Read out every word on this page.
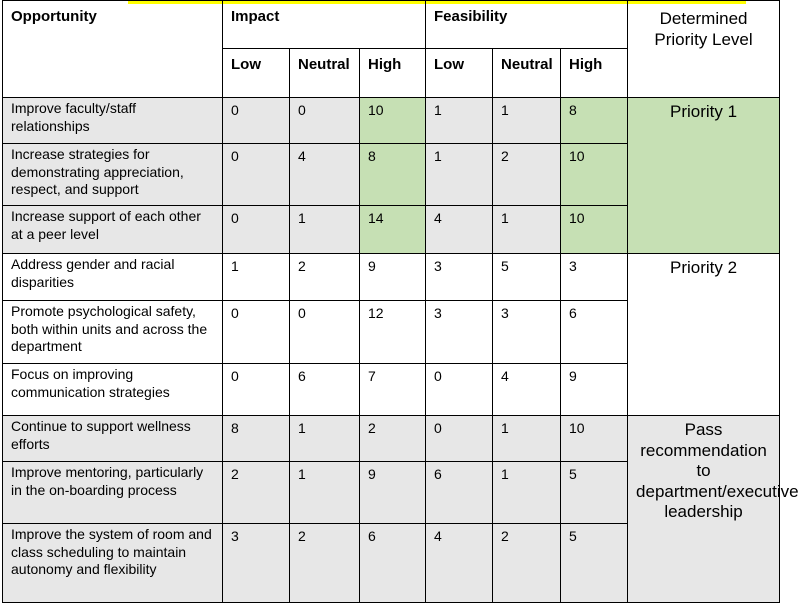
Opportunity	Impact			Feasibility			Determined Priority Level
	Low	Neutral	High	Low	Neutral	High	
Improve faculty/staff relationships	0	0	10	1	1	8	Priority 1
Increase strategies for demonstrating appreciation, respect, and support	0	4	8	1	2	10	
Increase support of each other at a peer level	0	1	14	4	1	10	
Address gender and racial disparities	1	2	9	3	5	3	Priority 2
Promote psychological safety, both within units and across the department	0	0	12	3	3	6	
Focus on improving communication strategies	0	6	7	0	4	9	
Continue to support wellness efforts	8	1	2	0	1	10	Pass recommendation to department/executive leadership
Improve mentoring, particularly in the on-boarding process	2	1	9	6	1	5	
Improve the system of room and class scheduling to maintain autonomy and flexibility	3	2	6	4	2	5	
